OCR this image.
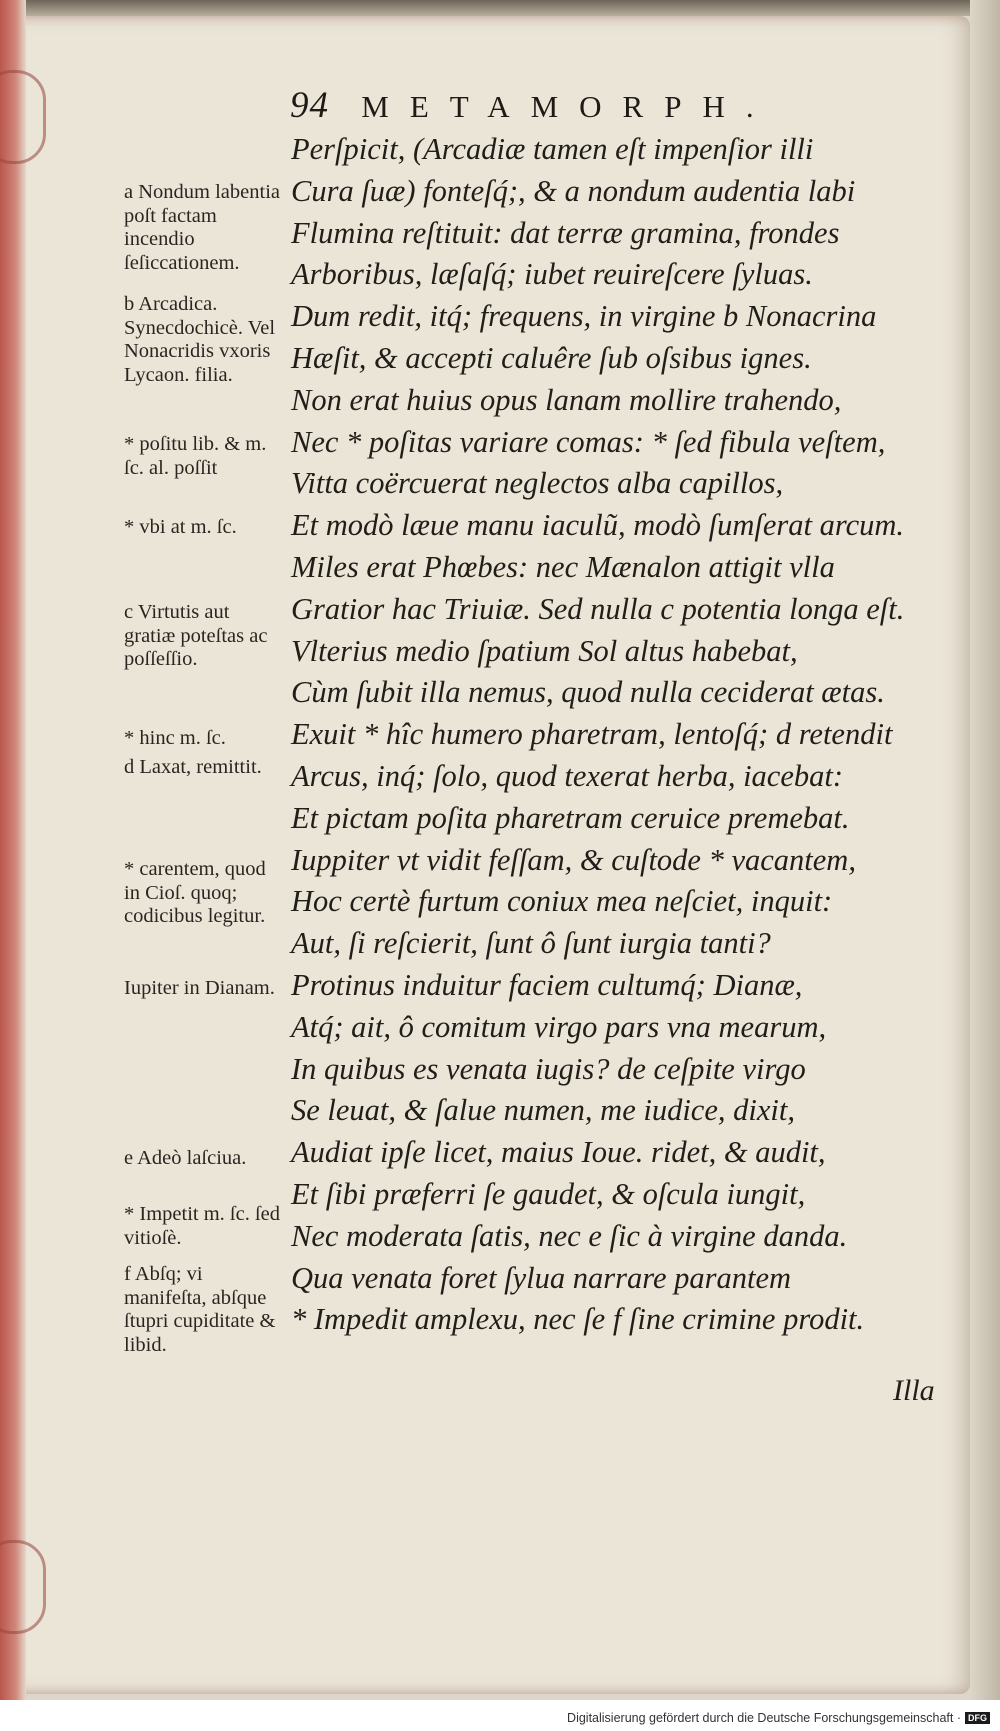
94 METAMORPH.
Perſpicit, (Arcadiæ tamen eſt impenſior illi
Cura ſuæ) fonteſq́;, & a nondum audentia labi
Flumina reſtituit: dat terræ gramina, frondes
Arboribus, læſaſq́; iubet reuireſcere ſyluas.
Dum redit, itq́; frequens, in virgine b Nonacrina
Hæſit, & accepti caluêre ſub oſsibus ignes.
Non erat huius opus lanam mollire trahendo,
Nec * poſitas variare comas: * ſed fibula veſtem,
Vitta coërcuerat neglectos alba capillos,
Et modò læue manu iaculũ, modò ſumſerat arcum.
Miles erat Phœbes: nec Mænalon attigit vlla
Gratior hac Triuiæ. Sed nulla c potentia longa eſt.
Vlterius medio ſpatium Sol altus habebat,
Cùm ſubit illa nemus, quod nulla ceciderat ætas.
Exuit * hîc humero pharetram, lentoſq́; d retendit
Arcus, inq́; ſolo, quod texerat herba, iacebat:
Et pictam poſita pharetram ceruice premebat.
Iuppiter vt vidit feſſam, & cuſtode * vacantem,
Hoc certè furtum coniux mea neſciet, inquit:
Aut, ſi reſcierit, ſunt ô ſunt iurgia tanti?
Protinus induitur faciem cultumq́; Dianæ,
Atq́; ait, ô comitum virgo pars vna mearum,
In quibus es venata iugis? de ceſpite virgo
Se leuat, & ſalue numen, me iudice, dixit,
Audiat ipſe licet, maius Ioue. ridet, & audit,
Et ſibi præferri ſe gaudet, & oſcula iungit,
Nec moderata ſatis, nec e ſic à virgine danda.
Qua venata foret ſylua narrare parantem
* Impedit amplexu, nec ſe f ſine crimine prodit.

a Nondum labentia poſt factam incendio ſeſiccationem.

b Arcadica. Synecdochicè. Vel Nonacridis vxoris Lycaon. filia.

* poſitu lib. & m. ſc. al. poſſit

* vbi at m. ſc.

c Virtutis aut gratiæ poteſtas ac poſſeſſio.

* hinc m. ſc.

d Laxat, remittit.

* carentem, quod in Cioſ. quoq; codicibus legitur.

Iupiter in Dianam.

e Adeò laſciua.

* Impetit m. ſc. ſed vitioſè.

f Abſq; vi manifeſta, abſque ſtupri cupiditate & libid.

Illa
Digitalisierung gefördert durch die Deutsche Forschungsgemeinschaft · DFG
